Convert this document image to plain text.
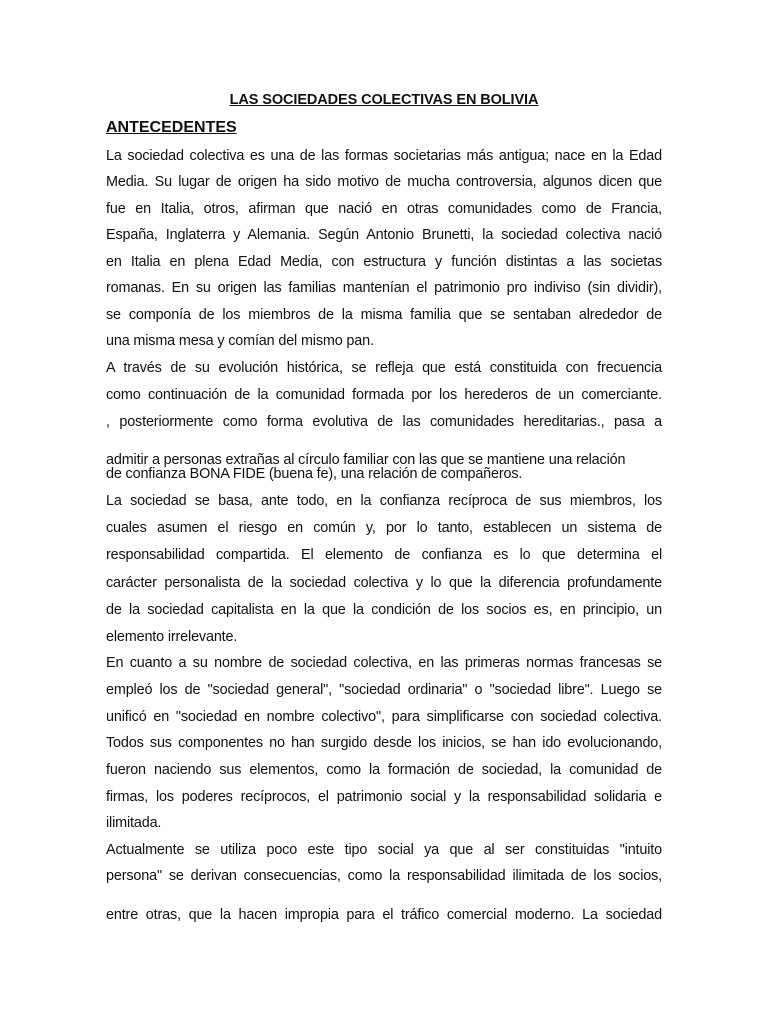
LAS SOCIEDADES COLECTIVAS EN BOLIVIA
ANTECEDENTES
La sociedad colectiva es una de las formas societarias más antigua; nace en la Edad
Media. Su lugar de origen ha sido motivo de mucha controversia, algunos dicen que
fue en Italia, otros, afirman que nació en otras comunidades como de Francia,
España, Inglaterra y Alemania. Según Antonio Brunetti, la sociedad colectiva nació
en Italia en plena Edad Media, con estructura y función distintas a las societas
romanas. En su origen las familias mantenían el patrimonio pro indiviso (sin dividir),
se componía de los miembros de la misma familia que se sentaban alrededor de
una misma mesa y comían del mismo pan.
A través de su evolución histórica, se refleja que está constituida con frecuencia
como continuación de la comunidad formada por los herederos de un comerciante.
, posteriormente como forma evolutiva de las comunidades hereditarias., pasa a
admitir a personas extrañas al círculo familiar con las que se mantiene una relación
de confianza BONA FIDE (buena fe), una relación de compañeros.
La sociedad se basa, ante todo, en la confianza recíproca de sus miembros, los
cuales asumen el riesgo en común y, por lo tanto, establecen un sistema de
responsabilidad compartida. El elemento de confianza es lo que determina el
carácter personalista de la sociedad colectiva y lo que la diferencia profundamente
de la sociedad capitalista en la que la condición de los socios es, en principio, un
elemento irrelevante.
En cuanto a su nombre de sociedad colectiva, en las primeras normas francesas se
empleó los de "sociedad general", "sociedad ordinaria" o "sociedad libre". Luego se
unificó en "sociedad en nombre colectivo", para simplificarse con sociedad colectiva.
Todos sus componentes no han surgido desde los inicios, se han ido evolucionando,
fueron naciendo sus elementos, como la formación de sociedad, la comunidad de
firmas, los poderes recíprocos, el patrimonio social y la responsabilidad solidaria e
ilimitada.
Actualmente se utiliza poco este tipo social ya que al ser constituidas "intuito
persona" se derivan consecuencias, como la responsabilidad ilimitada de los socios,
entre otras, que la hacen impropia para el tráfico comercial moderno. La sociedad
